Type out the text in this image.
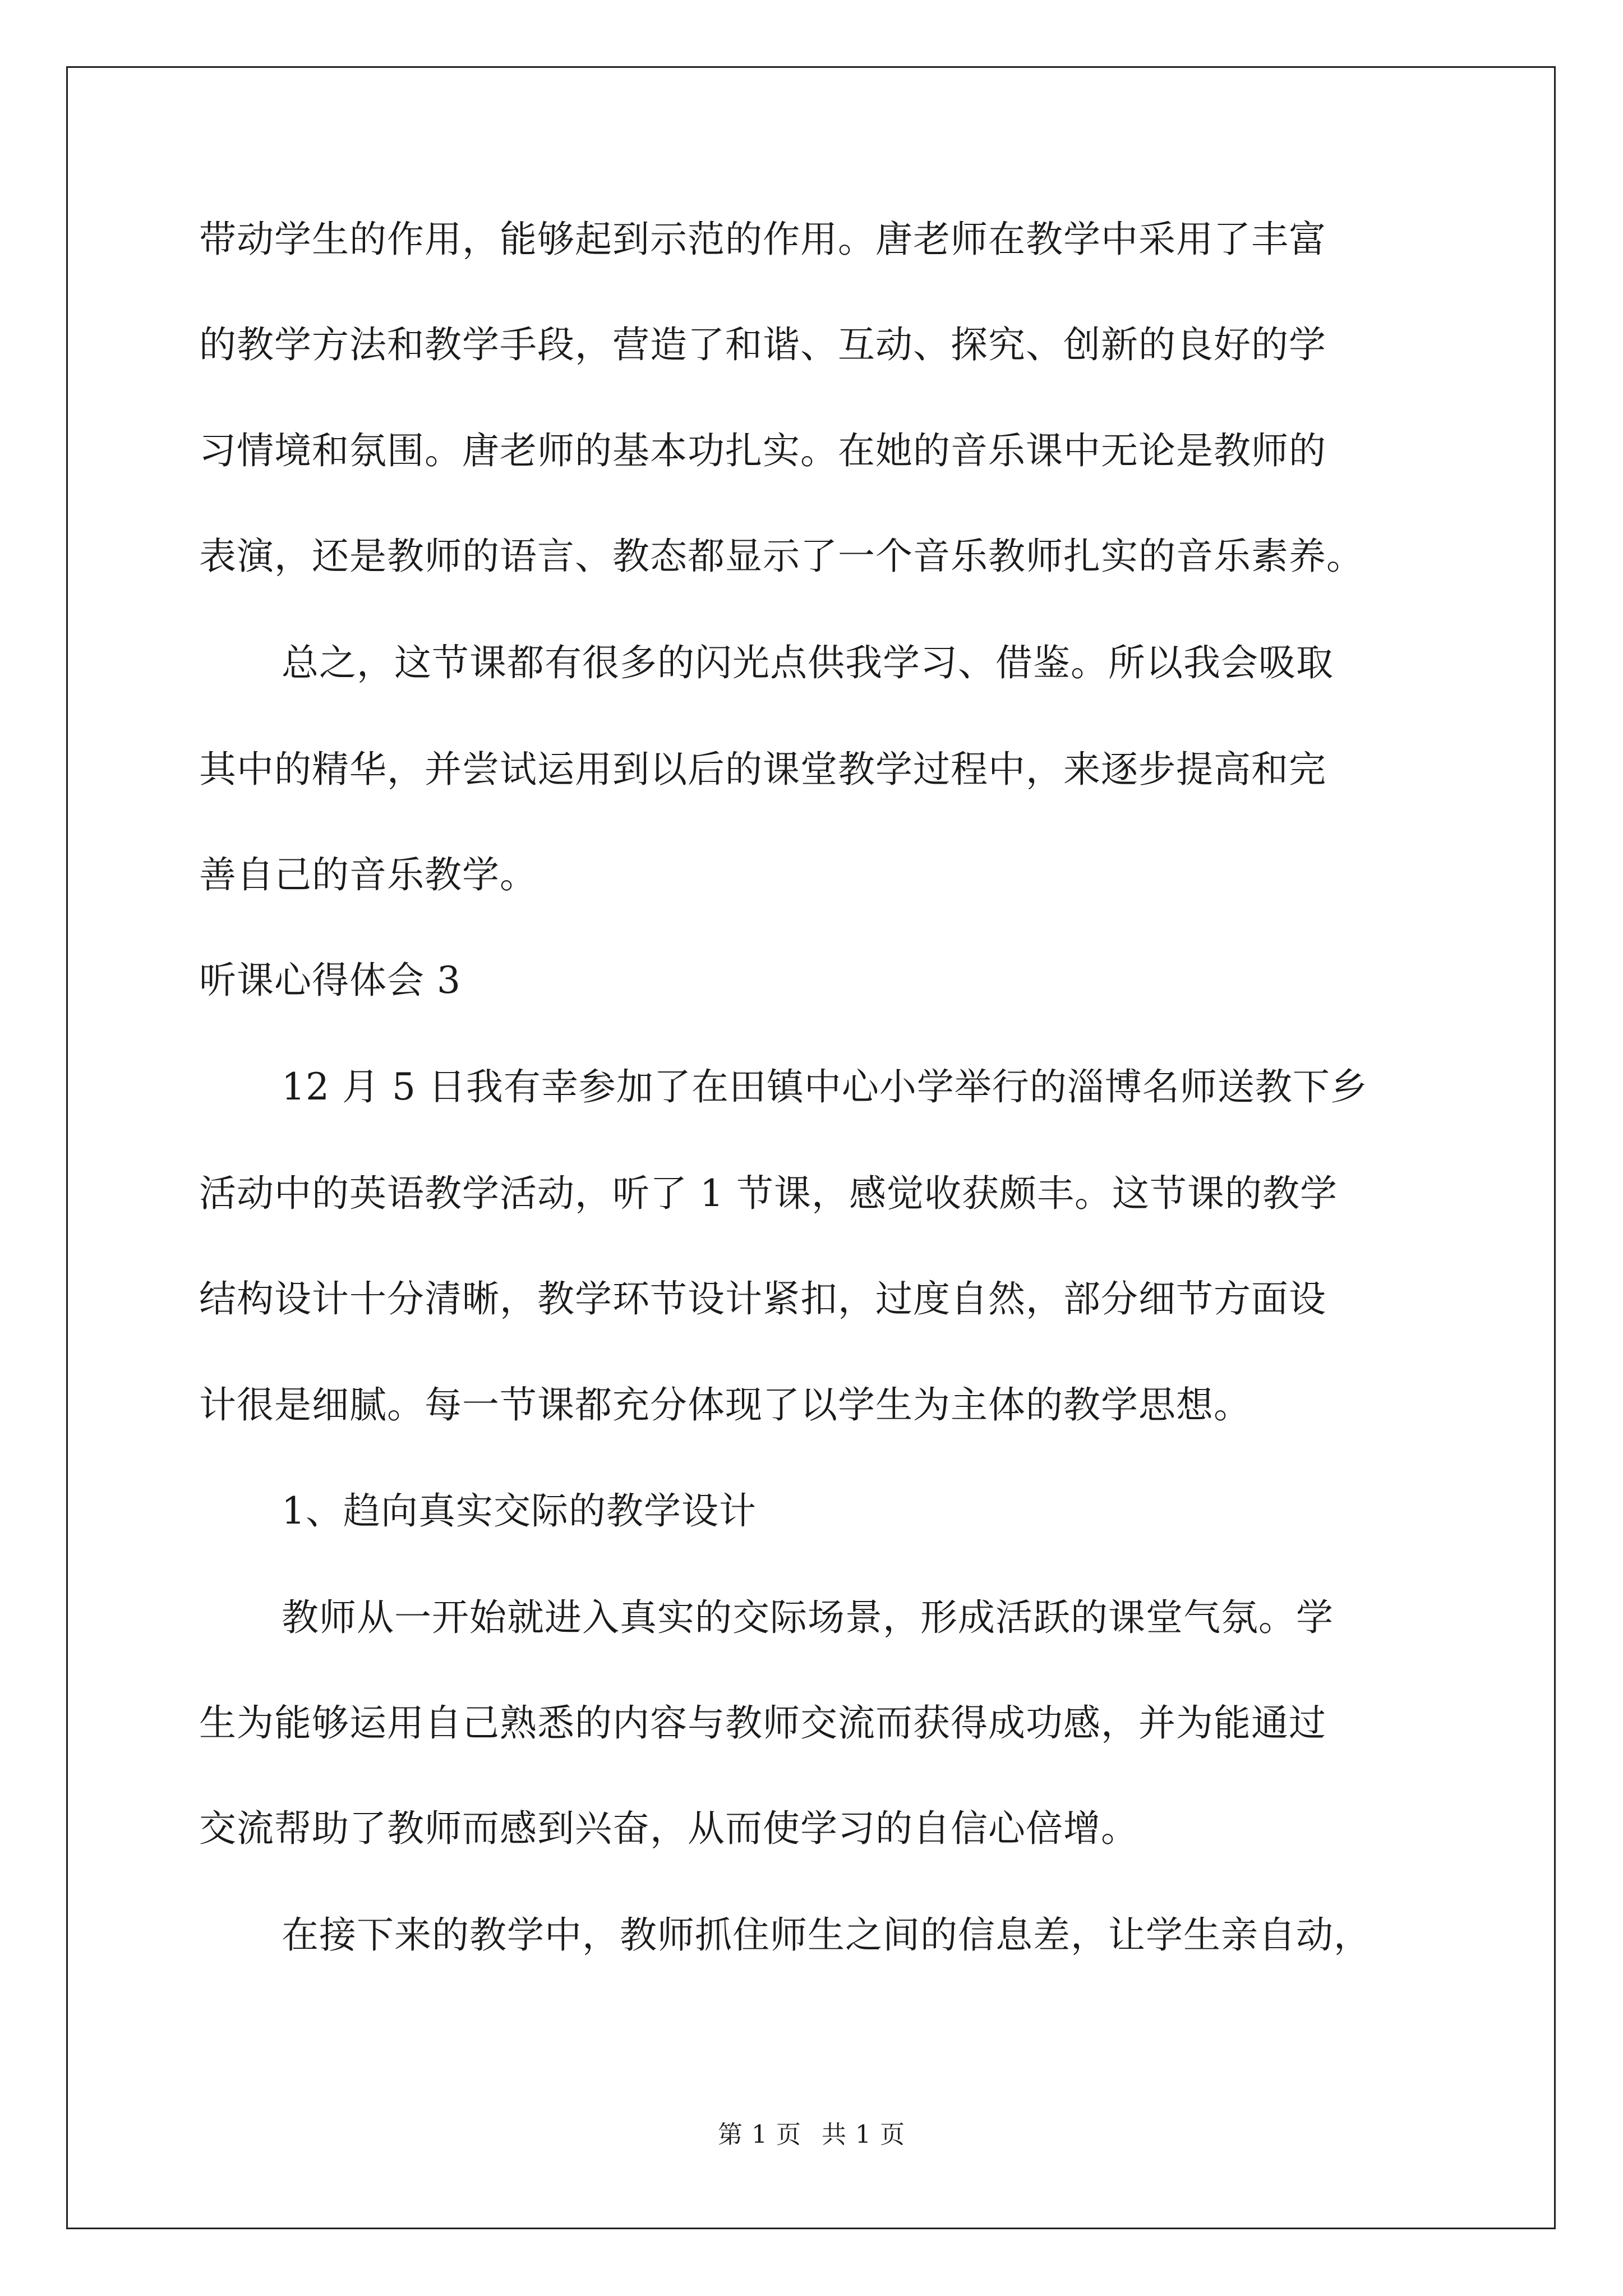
带动学生的作用，能够起到示范的作用。唐老师在教学中采用了丰富
的教学方法和教学手段，营造了和谐、互动、探究、创新的良好的学
习情境和氛围。唐老师的基本功扎实。在她的音乐课中无论是教师的
表演，还是教师的语言、教态都显示了一个音乐教师扎实的音乐素养。
总之，这节课都有很多的闪光点供我学习、借鉴。所以我会吸取
其中的精华，并尝试运用到以后的课堂教学过程中，来逐步提高和完
善自己的音乐教学。
听课心得体会 3
12 月 5 日我有幸参加了在田镇中心小学举行的淄博名师送教下乡
活动中的英语教学活动，听了 1 节课，感觉收获颇丰。这节课的教学
结构设计十分清晰，教学环节设计紧扣，过度自然，部分细节方面设
计很是细腻。每一节课都充分体现了以学生为主体的教学思想。
1、趋向真实交际的教学设计
教师从一开始就进入真实的交际场景，形成活跃的课堂气氛。学
生为能够运用自己熟悉的内容与教师交流而获得成功感，并为能通过
交流帮助了教师而感到兴奋，从而使学习的自信心倍增。
在接下来的教学中，教师抓住师生之间的信息差，让学生亲自动，
第 1 页 共 1 页
